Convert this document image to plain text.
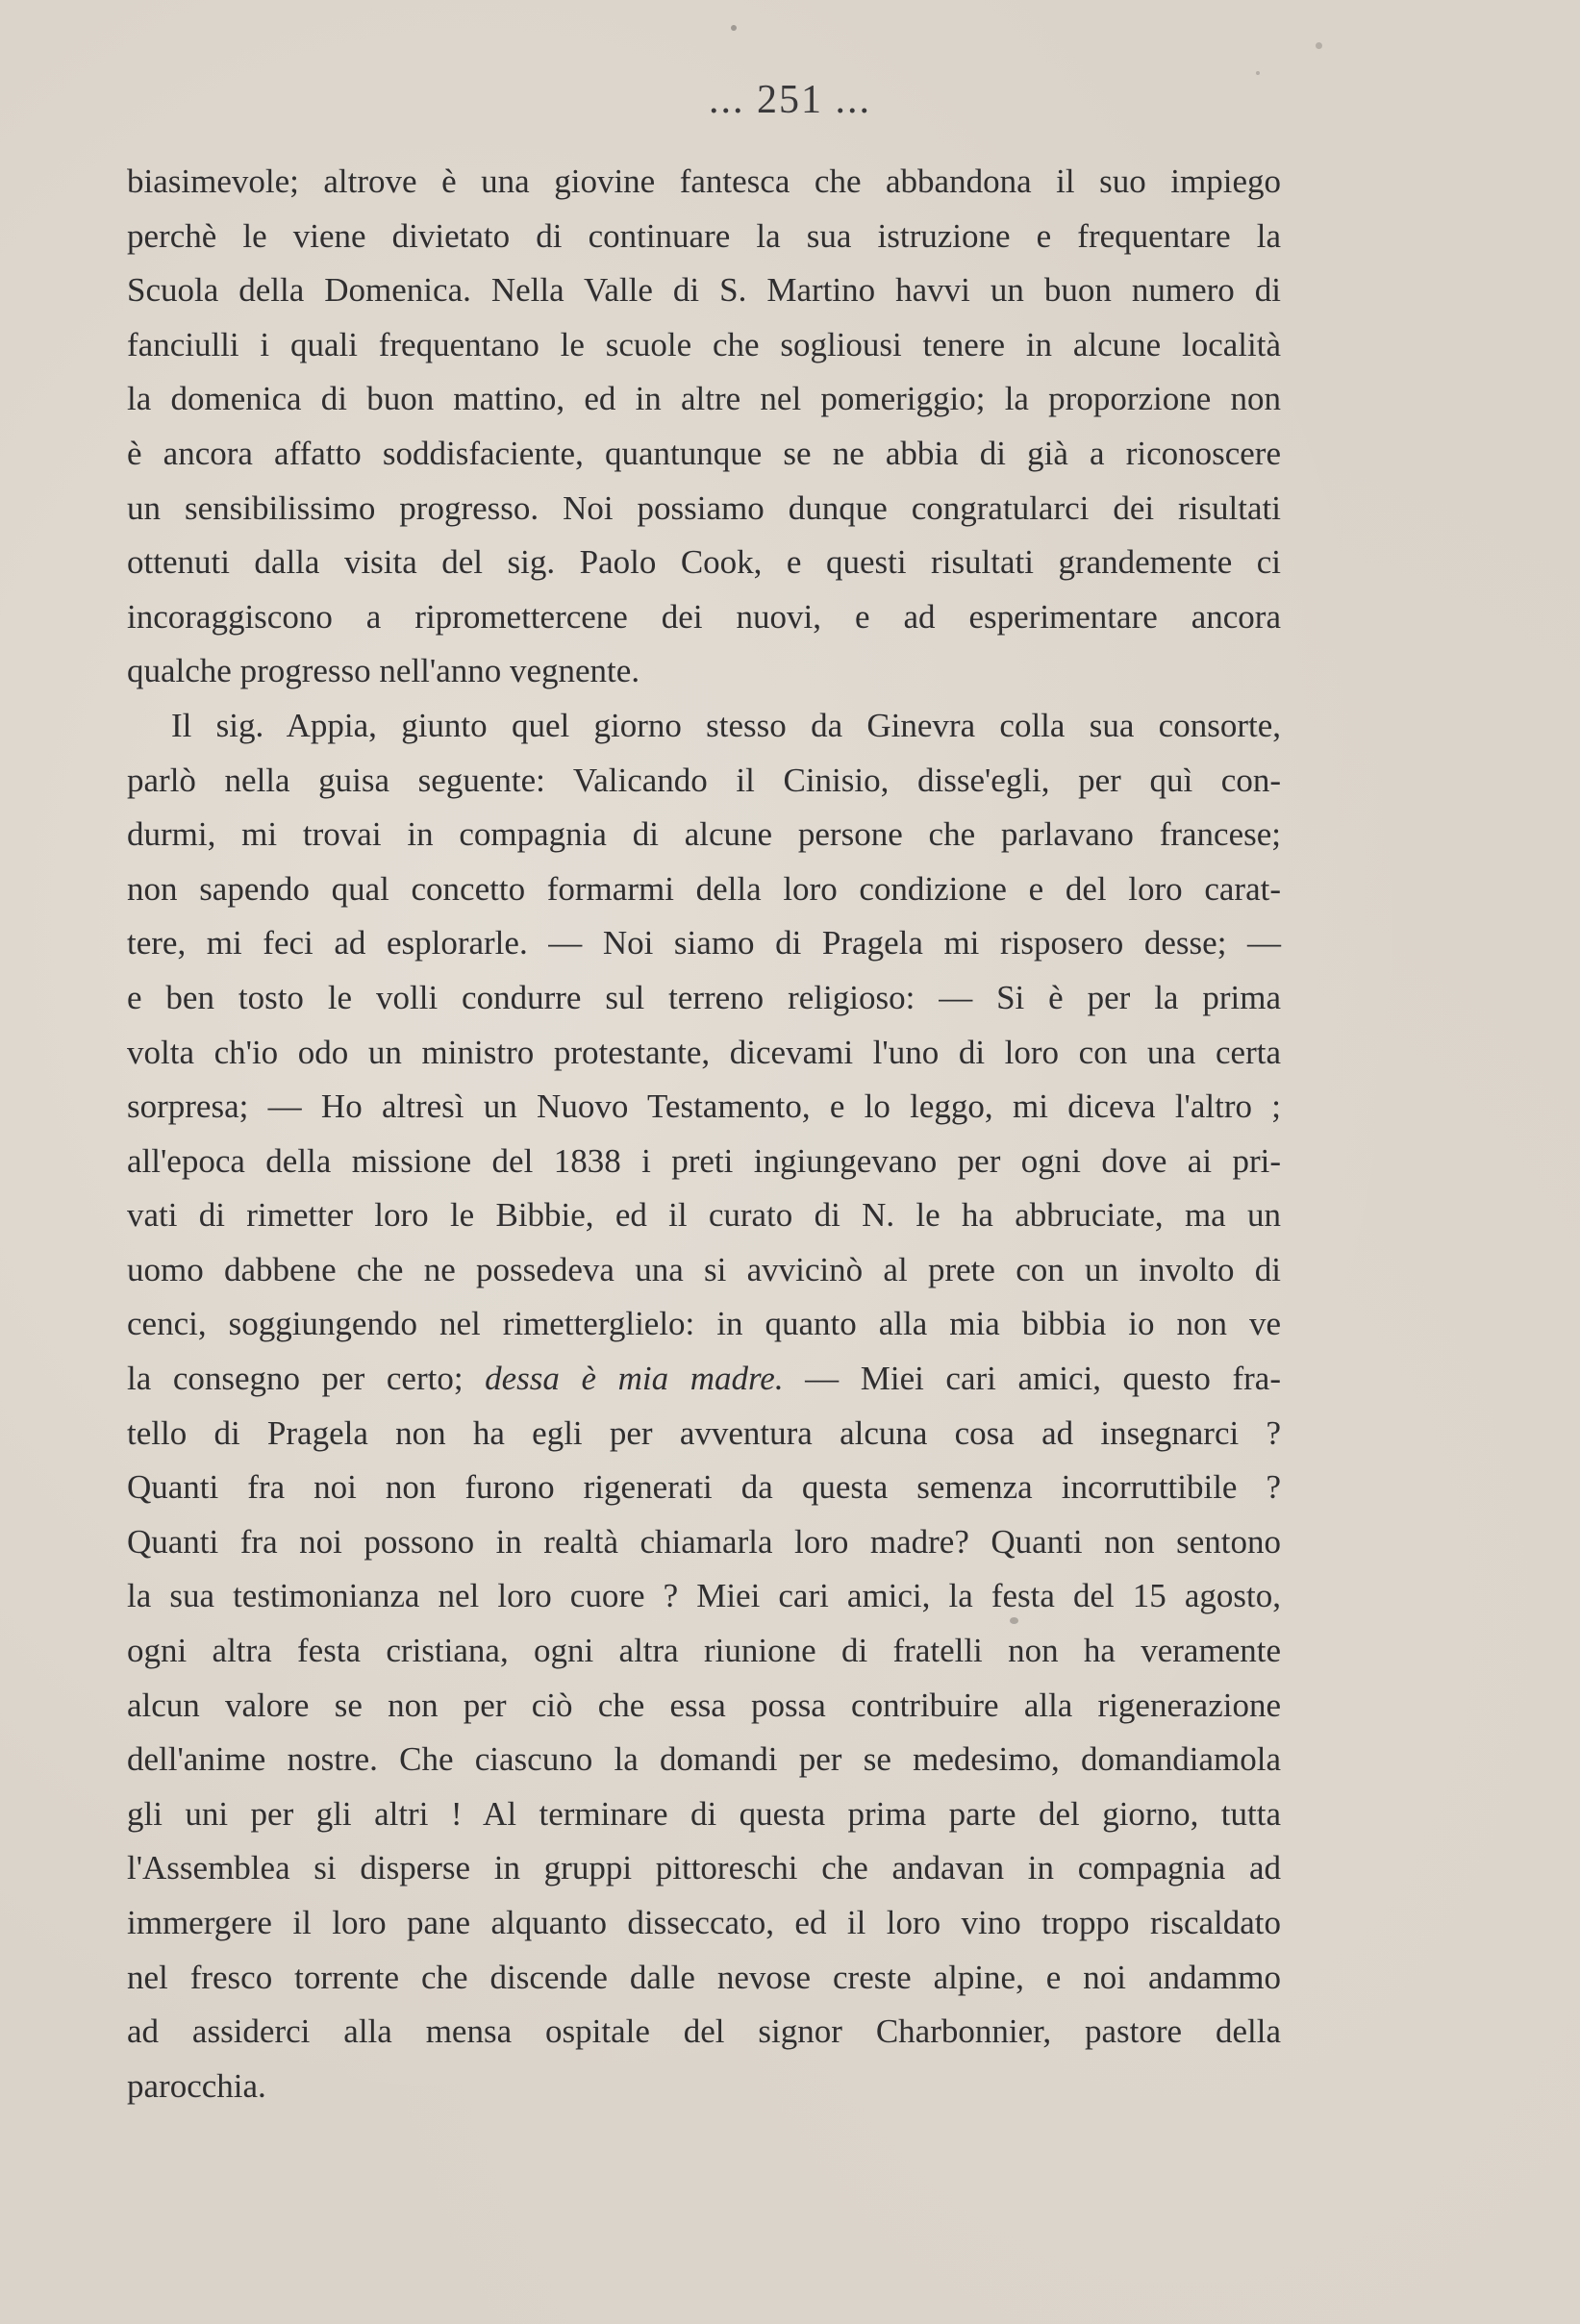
... 251 ...
biasimevole; altrove è una giovine fantesca che abbandona il suo impiego
perchè le viene divietato di continuare la sua istruzione e frequentare la
Scuola della Domenica. Nella Valle di S. Martino havvi un buon numero di
fanciulli i quali frequentano le scuole che sogliousi tenere in alcune località
la domenica di buon mattino, ed in altre nel pomeriggio; la proporzione non
è ancora affatto soddisfaciente, quantunque se ne abbia di già a riconoscere
un sensibilissimo progresso. Noi possiamo dunque congratularci dei risultati
ottenuti dalla visita del sig. Paolo Cook, e questi risultati grandemente ci
incoraggiscono a ripromettercene dei nuovi, e ad esperimentare ancora
qualche progresso nell'anno vegnente.
Il sig. Appia, giunto quel giorno stesso da Ginevra colla sua consorte,
parlò nella guisa seguente: Valicando il Cinisio, disse'egli, per quì con-
durmi, mi trovai in compagnia di alcune persone che parlavano francese;
non sapendo qual concetto formarmi della loro condizione e del loro carat-
tere, mi feci ad esplorarle. — Noi siamo di Pragela mi risposero desse; —
e ben tosto le volli condurre sul terreno religioso: — Si è per la prima
volta ch'io odo un ministro protestante, dicevami l'uno di loro con una certa
sorpresa; — Ho altresì un Nuovo Testamento, e lo leggo, mi diceva l'altro ;
all'epoca della missione del 1838 i preti ingiungevano per ogni dove ai pri-
vati di rimetter loro le Bibbie, ed il curato di N. le ha abbruciate, ma un
uomo dabbene che ne possedeva una si avvicinò al prete con un involto di
cenci, soggiungendo nel rimetterglielo: in quanto alla mia bibbia io non ve
la consegno per certo; dessa è mia madre. — Miei cari amici, questo fra-
tello di Pragela non ha egli per avventura alcuna cosa ad insegnarci ?
Quanti fra noi non furono rigenerati da questa semenza incorruttibile ?
Quanti fra noi possono in realtà chiamarla loro madre? Quanti non sentono
la sua testimonianza nel loro cuore ? Miei cari amici, la festa del 15 agosto,
ogni altra festa cristiana, ogni altra riunione di fratelli non ha veramente
alcun valore se non per ciò che essa possa contribuire alla rigenerazione
dell'anime nostre. Che ciascuno la domandi per se medesimo, domandiamola
gli uni per gli altri ! Al terminare di questa prima parte del giorno, tutta
l'Assemblea si disperse in gruppi pittoreschi che andavan in compagnia ad
immergere il loro pane alquanto disseccato, ed il loro vino troppo riscaldato
nel fresco torrente che discende dalle nevose creste alpine, e noi andammo
ad assiderci alla mensa ospitale del signor Charbonnier, pastore della
parocchia.
